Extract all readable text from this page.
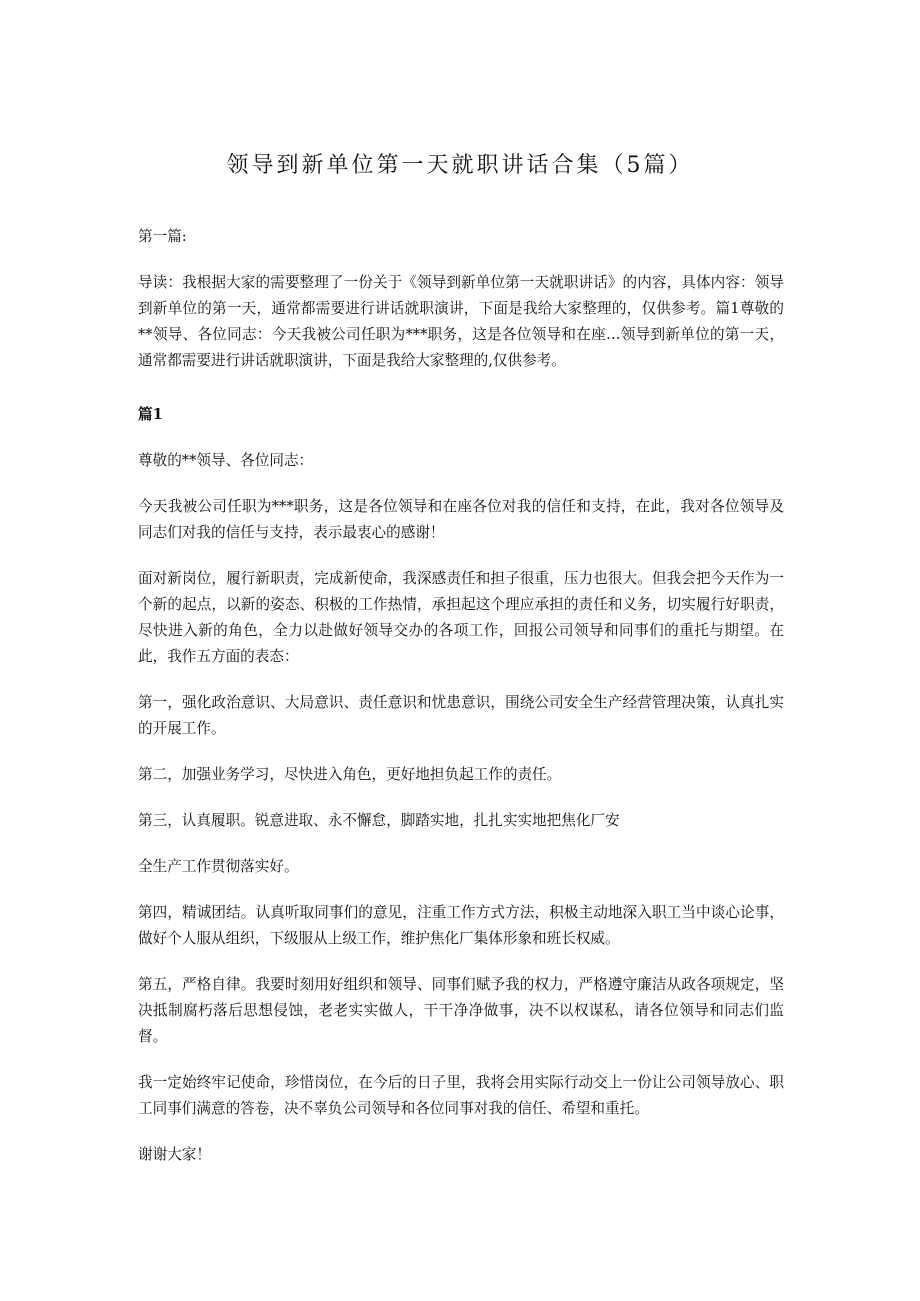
领导到新单位第一天就职讲话合集（5篇）

第一篇:

导读：我根据大家的需要整理了一份关于《领导到新单位第一天就职讲话》的内容，具体内容：领导到新单位的第一天，通常都需要进行讲话就职演讲，下面是我给大家整理的，仅供参考。篇1尊敬的**领导、各位同志：今天我被公司任职为***职务，这是各位领导和在座…领导到新单位的第一天，通常都需要进行讲话就职演讲，下面是我给大家整理的,仅供参考。

篇1

尊敬的**领导、各位同志：

今天我被公司任职为***职务，这是各位领导和在座各位对我的信任和支持，在此，我对各位领导及同志们对我的信任与支持，表示最衷心的感谢！

面对新岗位，履行新职责，完成新使命，我深感责任和担子很重，压力也很大。但我会把今天作为一个新的起点，以新的姿态、积极的工作热情，承担起这个理应承担的责任和义务，切实履行好职责，尽快进入新的角色，全力以赴做好领导交办的各项工作，回报公司领导和同事们的重托与期望。在此，我作五方面的表态：

第一，强化政治意识、大局意识、责任意识和忧患意识，围绕公司安全生产经营管理决策，认真扎实的开展工作。

第二，加强业务学习，尽快进入角色，更好地担负起工作的责任。

第三，认真履职。锐意进取、永不懈怠，脚踏实地，扎扎实实地把焦化厂安

全生产工作贯彻落实好。

第四，精诚团结。认真听取同事们的意见，注重工作方式方法，积极主动地深入职工当中谈心论事，做好个人服从组织，下级服从上级工作，维护焦化厂集体形象和班长权威。

第五，严格自律。我要时刻用好组织和领导、同事们赋予我的权力，严格遵守廉洁从政各项规定，坚决抵制腐朽落后思想侵蚀，老老实实做人，干干净净做事，决不以权谋私，请各位领导和同志们监督。

我一定始终牢记使命，珍惜岗位，在今后的日子里，我将会用实际行动交上一份让公司领导放心、职工同事们满意的答卷，决不辜负公司领导和各位同事对我的信任、希望和重托。

谢谢大家！
